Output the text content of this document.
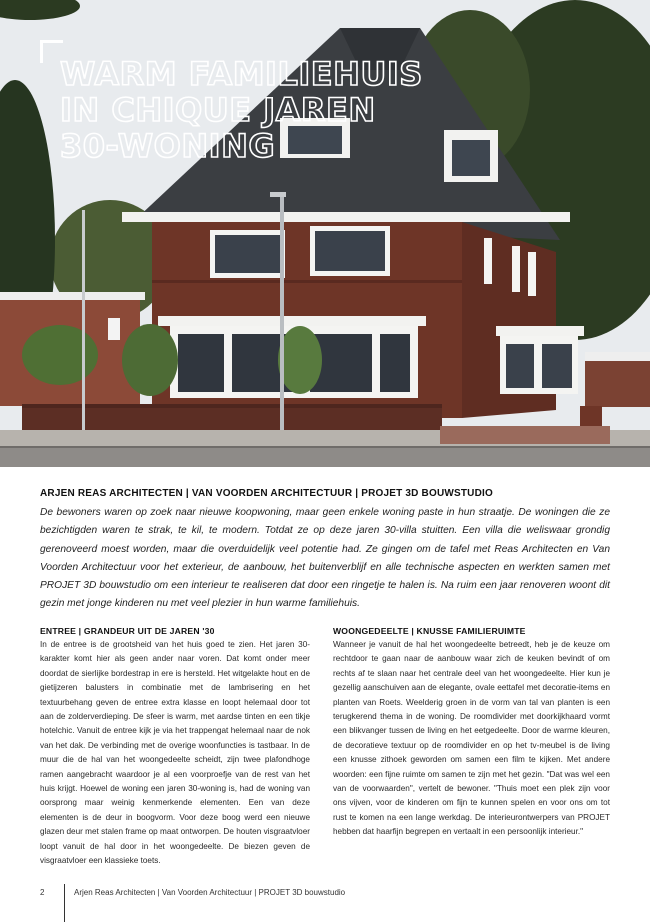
WARM FAMILIEHUIS
IN CHIQUE JAREN
30-WONING

ARJEN REAS ARCHITECTEN | VAN VOORDEN ARCHITECTUUR | PROJET 3D BOUWSTUDIO

De bewoners waren op zoek naar nieuwe koopwoning, maar geen enkele woning paste in hun straatje. De woningen die ze bezichtigden waren te strak, te kil, te modern. Totdat ze op deze jaren 30-villa stuitten. Een villa die weliswaar grondig gerenoveerd moest worden, maar die overduidelijk veel potentie had. Ze gingen om de tafel met Reas Architecten en Van Voorden Architectuur voor het exterieur, de aanbouw, het buitenverblijf en alle technische aspecten en werkten samen met PROJET 3D bouwstudio om een interieur te realiseren dat door een ringetje te halen is. Na ruim een jaar renoveren woont dit gezin met jonge kinderen nu met veel plezier in hun warme familiehuis.

ENTREE | GRANDEUR UIT DE JAREN '30

In de entree is de grootsheid van het huis goed te zien. Het jaren 30-karakter komt hier als geen ander naar voren. Dat komt onder meer doordat de sierlijke bordestrap in ere is hersteld. Het witgelakte hout en de gietijzeren balusters in combinatie met de lambrisering en het textuurbehang geven de entree extra klasse en loopt helemaal door tot aan de zolderverdieping. De sfeer is warm, met aardse tinten en een tikje hotelchic. Vanuit de entree kijk je via het trappengat helemaal naar de nok van het dak. De verbinding met de overige woonfuncties is tastbaar. In de muur die de hal van het woongedeelte scheidt, zijn twee plafondhoge ramen aangebracht waardoor je al een voorproefje van de rest van het huis krijgt. Hoewel de woning een jaren 30-woning is, had de woning van oorsprong maar weinig kenmerkende elementen. Een van deze elementen is de deur in boogvorm. Voor deze boog werd een nieuwe glazen deur met stalen frame op maat ontworpen. De houten visgraatvloer loopt vanuit de hal door in het woongedeelte. De biezen geven de visgraatvloer een klassieke toets.

WOONGEDEELTE | KNUSSE FAMILIERUIMTE

Wanneer je vanuit de hal het woongedeelte betreedt, heb je de keuze om rechtdoor te gaan naar de aanbouw waar zich de keuken bevindt of om rechts af te slaan naar het centrale deel van het woongedeelte. Hier kun je gezellig aanschuiven aan de elegante, ovale eettafel met decoratie-items en planten van Roets. Weelderig groen in de vorm van tal van planten is een terugkerend thema in de woning. De roomdivider met doorkijkhaard vormt een blikvanger tussen de living en het eetgedeelte. Door de warme kleuren, de decoratieve textuur op de roomdivider en op het tv-meubel is de living een knusse zithoek geworden om samen een film te kijken. Met andere woorden: een fijne ruimte om samen te zijn met het gezin. "Dat was wel een van de voorwaarden", vertelt de bewoner. "Thuis moet een plek zijn voor ons vijven, voor de kinderen om fijn te kunnen spelen en voor ons om tot rust te komen na een lange werkdag. De interieurontwerpers van PROJET hebben dat haarfijn begrepen en vertaalt in een persoonlijk interieur."

2	Arjen Reas Architecten | Van Voorden Architectuur | PROJET 3D bouwstudio
